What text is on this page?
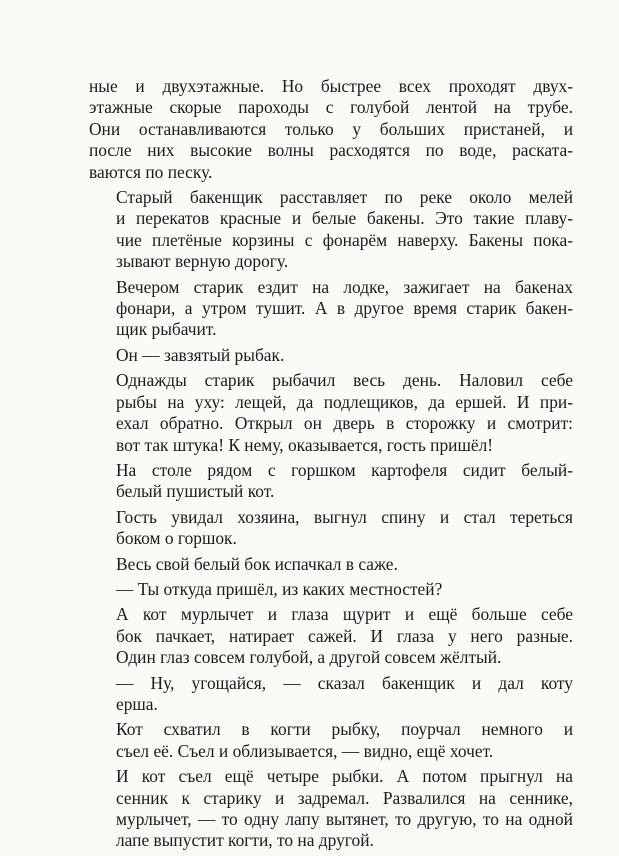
ные и двухэтажные. Но быстрее всех проходят двух-
этажные скорые пароходы с голубой лентой на трубе.
Они останавливаются только у больших пристаней, и
после них высокие волны расходятся по воде, раската-
ваются по песку.

Старый бакенщик расставляет по реке около мелей
и перекатов красные и белые бакены. Это такие плаву-
чие плетёные корзины с фонарём наверху. Бакены пока-
зывают верную дорогу.

Вечером старик ездит на лодке, зажигает на бакенах
фонари, а утром тушит. А в другое время старик бакен-
щик рыбачит.

Он — завзятый рыбак.

Однажды старик рыбачил весь день. Наловил себе
рыбы на уху: лещей, да подлещиков, да ершей. И при-
ехал обратно. Открыл он дверь в сторожку и смотрит:
вот так штука! К нему, оказывается, гость пришёл!

На столе рядом с горшком картофеля сидит белый-
белый пушистый кот.

Гость увидал хозяина, выгнул спину и стал тереться
боком о горшок.

Весь свой белый бок испачкал в саже.

— Ты откуда пришёл, из каких местностей?

А кот мурлычет и глаза щурит и ещё больше себе
бок пачкает, натирает сажей. И глаза у него разные.
Один глаз совсем голубой, а другой совсем жёлтый.

— Ну, угощайся, — сказал бакенщик и дал коту
ерша.

Кот схватил в когти рыбку, поурчал немного и
съел её. Съел и облизывается, — видно, ещё хочет.

И кот съел ещё четыре рыбки. А потом прыгнул на
сенник к старику и задремал. Развалился на сеннике,
мурлычет, — то одну лапу вытянет, то другую, то на одной
лапе выпустит когти, то на другой.
